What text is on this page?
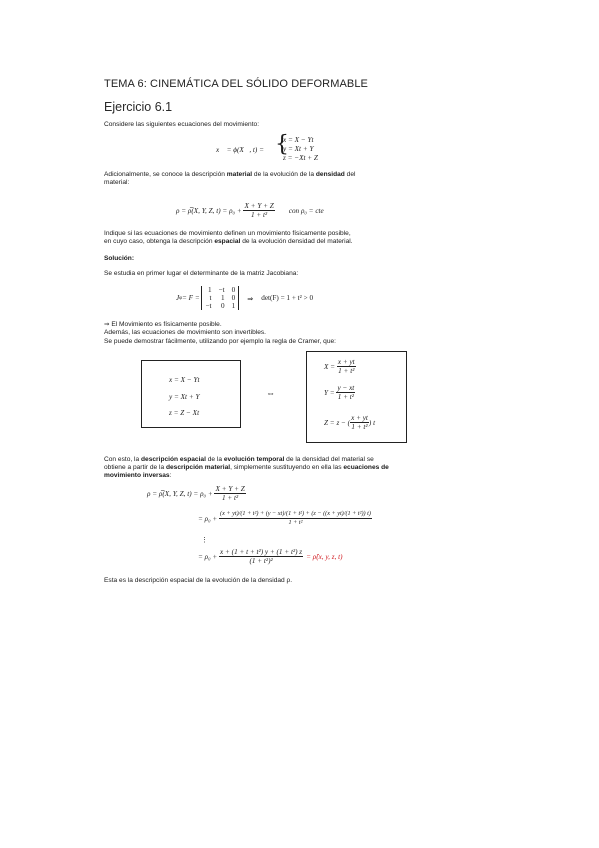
TEMA 6: CINEMÁTICA DEL SÓLIDO DEFORMABLE
Ejercicio 6.1
Considere las siguientes ecuaciones del movimiento:
x⃗ = ϕ(X⃗, t) = {
x = X − Yt
y = Xt + Y
z = −Xt + Z
Adicionalmente, se conoce la descripción material de la evolución de la densidad del
material:
ρ = ρ̅(X, Y, Z, t) = ρ₀ +
$\frac{X + Y + Z}{\text{1 + t²}}$ con ρ₀ = cte
Indique si las ecuaciones de movimiento definen un movimiento físicamente posible,
en cuyo caso, obtenga la descripción espacial de la evolución densidad del material.
Solución:
Se estudia en primer lugar el determinante de la matriz Jacobiana:
J φ = F =

1 −t 0
t	1 0
−t	0 1
⇒ det(F) = 1 + t² > 0
⇒ El Movimiento es físicamente posible.
Además, las ecuaciones de movimiento son invertibles.
Se puede demostrar fácilmente, utilizando por ejemplo la regla de Cramer, que:
x = X − Yt
y = Xt + Y
z = Z − Xt
⇔
X =
$\frac{x + yt}{\text{1 + t²}}$
Y =
$\frac{y - xt}{\text{1 + t²}}$
Z = z − ( $\frac{x + yt}{\text{1 + t²}}$ ) t
Con esto, la descripción espacial de la evolución temporal de la densidad del material se
obtiene a partir de la descripción material, simplemente sustituyendo en ella las ecuaciones de
movimiento inversas:
ρ = ρ̅(X, Y, Z, t) = ρ₀ +
$\frac{X + Y + Z}{\text{1 + t²}}$
= ρ₀ +

(x + yt)/(1 + t²) + (y − xt)/(1 + t²) + (z − ((x + yt)/(1 + t²)) t)
1 + t²
⋮
= ρ₀ +
$\frac{\text{x + (1 + t + t²) y + (1 + t²) z}}{\text{(1 + t²)²}}$ = ρ̂(x, y, z, t)
Esta es la descripción espacial de la evolución de la densidad ρ.
